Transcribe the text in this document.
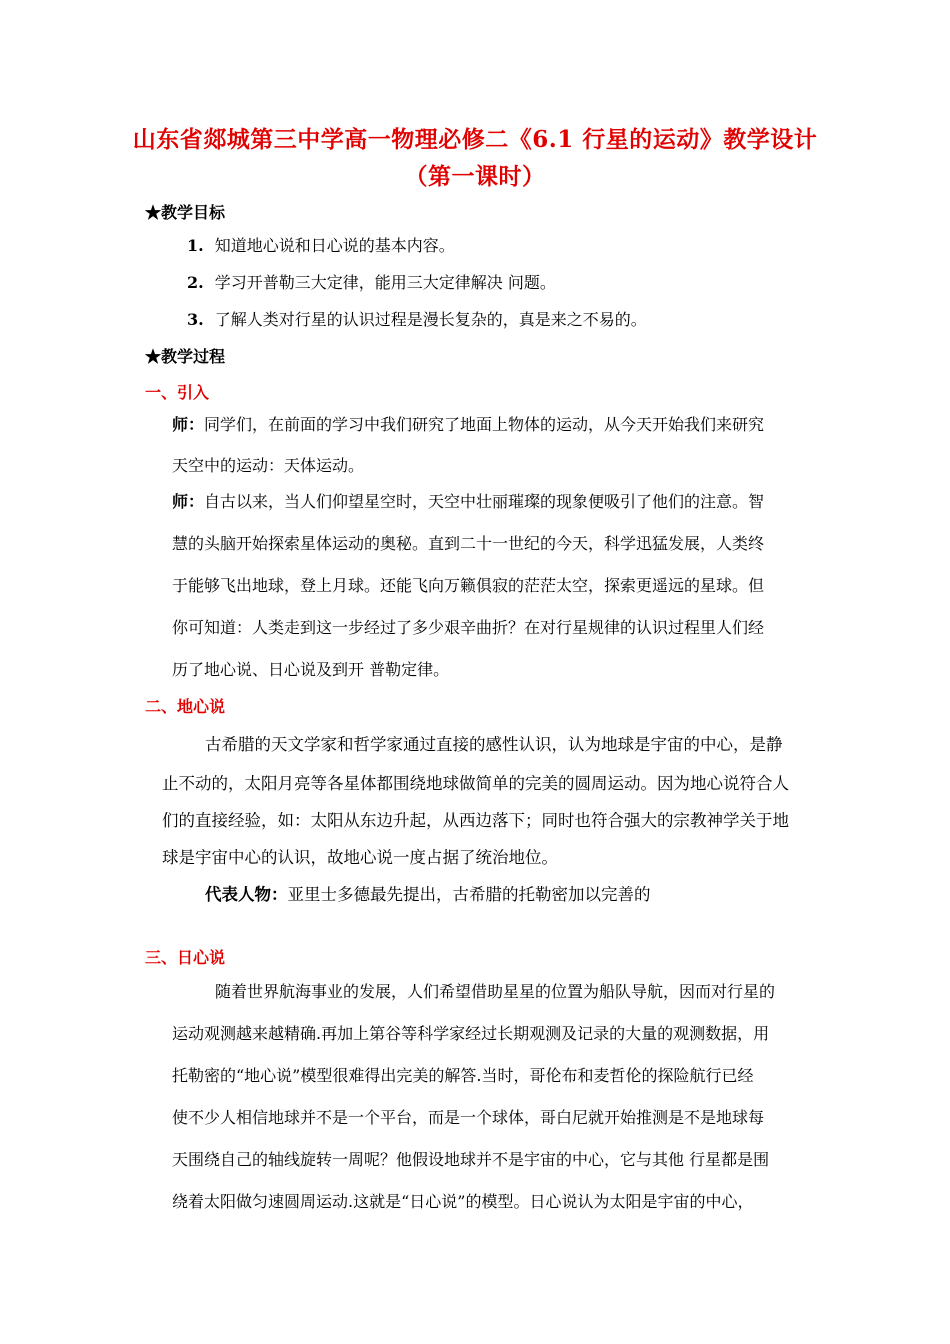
山东省郯城第三中学高一物理必修二《6.1 行星的运动》教学设计
（第一课时）
★教学目标
1. 知道地心说和日心说的基本内容。
2. 学习开普勒三大定律，能用三大定律解决 问题。
3. 了解人类对行星的认识过程是漫长复杂的，真是来之不易的。
★教学过程
一、引入
师：同学们，在前面的学习中我们研究了地面上物体的运动，从今天开始我们来研究
天空中的运动：天体运动。
师：自古以来，当人们仰望星空时，天空中壮丽璀璨的现象便吸引了他们的注意。智
慧的头脑开始探索星体运动的奥秘。直到二十一世纪的今天，科学迅猛发展，人类终
于能够飞出地球，登上月球。还能飞向万籁俱寂的茫茫太空，探索更遥远的星球。但
你可知道：人类走到这一步经过了多少艰辛曲折？在对行星规律的认识过程里人们经
历了地心说、日心说及到开 普勒定律。
二、地心说
古希腊的天文学家和哲学家通过直接的感性认识，认为地球是宇宙的中心，是静
止不动的，太阳月亮等各星体都围绕地球做简单的完美的圆周运动。因为地心说符合人
们的直接经验，如：太阳从东边升起，从西边落下；同时也符合强大的宗教神学关于地
球是宇宙中心的认识，故地心说一度占据了统治地位。
代表人物：亚里士多德最先提出，古希腊的托勒密加以完善的
三、日心说
随着世界航海事业的发展，人们希望借助星星的位置为船队导航，因而对行星的
运动观测越来越精确.再加上第谷等科学家经过长期观测及记录的大量的观测数据，用
托勒密的“地心说”模型很难得出完美的解答.当时，哥伦布和麦哲伦的探险航行已经
使不少人相信地球并不是一个平台，而是一个球体，哥白尼就开始推测是不是地球每
天围绕自己的轴线旋转一周呢？他假设地球并不是宇宙的中心，它与其他 行星都是围
绕着太阳做匀速圆周运动.这就是“日心说”的模型。日心说认为太阳是宇宙的中心，
